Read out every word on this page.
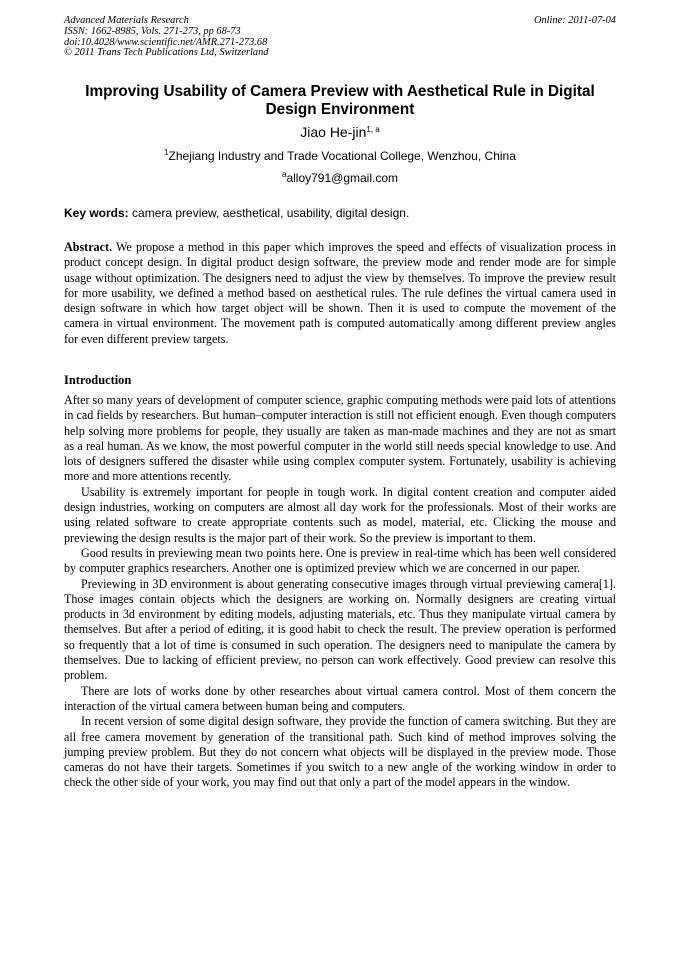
Advanced Materials Research
ISSN: 1662-8985, Vols. 271-273, pp 68-73
doi:10.4028/www.scientific.net/AMR.271-273.68
© 2011 Trans Tech Publications Ltd, Switzerland
Online: 2011-07-04
Improving Usability of Camera Preview with Aesthetical Rule in Digital Design Environment
Jiao He-jin$^{1, a}$
$^1$Zhejiang Industry and Trade Vocational College, Wenzhou, China
$^a$alloy791@gmail.com
Key words: camera preview, aesthetical, usability, digital design.

Abstract. We propose a method in this paper which improves the speed and effects of visualization process in product concept design. In digital product design software, the preview mode and render mode are for simple usage without optimization. The designers need to adjust the view by themselves. To improve the preview result for more usability, we defined a method based on aesthetical rules. The rule defines the virtual camera used in design software in which how target object will be shown. Then it is used to compute the movement of the camera in virtual environment. The movement path is computed automatically among different preview angles for even different preview targets.

Introduction

After so many years of development of computer science, graphic computing methods were paid lots of attentions in cad fields by researchers. But human–computer interaction is still not efficient enough. Even though computers help solving more problems for people, they usually are taken as man-made machines and they are not as smart as a real human. As we know, the most powerful computer in the world still needs special knowledge to use. And lots of designers suffered the disaster while using complex computer system. Fortunately, usability is achieving more and more attentions recently.

Usability is extremely important for people in tough work. In digital content creation and computer aided design industries, working on computers are almost all day work for the professionals. Most of their works are using related software to create appropriate contents such as model, material, etc. Clicking the mouse and previewing the design results is the major part of their work. So the preview is important to them.

Good results in previewing mean two points here. One is preview in real-time which has been well considered by computer graphics researchers. Another one is optimized preview which we are concerned in our paper.

Previewing in 3D environment is about generating consecutive images through virtual previewing camera[1]. Those images contain objects which the designers are working on. Normally designers are creating virtual products in 3d environment by editing models, adjusting materials, etc. Thus they manipulate virtual camera by themselves. But after a period of editing, it is good habit to check the result. The preview operation is performed so frequently that a lot of time is consumed in such operation. The designers need to manipulate the camera by themselves. Due to lacking of efficient preview, no person can work effectively. Good preview can resolve this problem.

There are lots of works done by other researches about virtual camera control. Most of them concern the interaction of the virtual camera between human being and computers.

In recent version of some digital design software, they provide the function of camera switching. But they are all free camera movement by generation of the transitional path. Such kind of method improves solving the jumping preview problem. But they do not concern what objects will be displayed in the preview mode. Those cameras do not have their targets. Sometimes if you switch to a new angle of the working window in order to check the other side of your work, you may find out that only a part of the model appears in the window.
